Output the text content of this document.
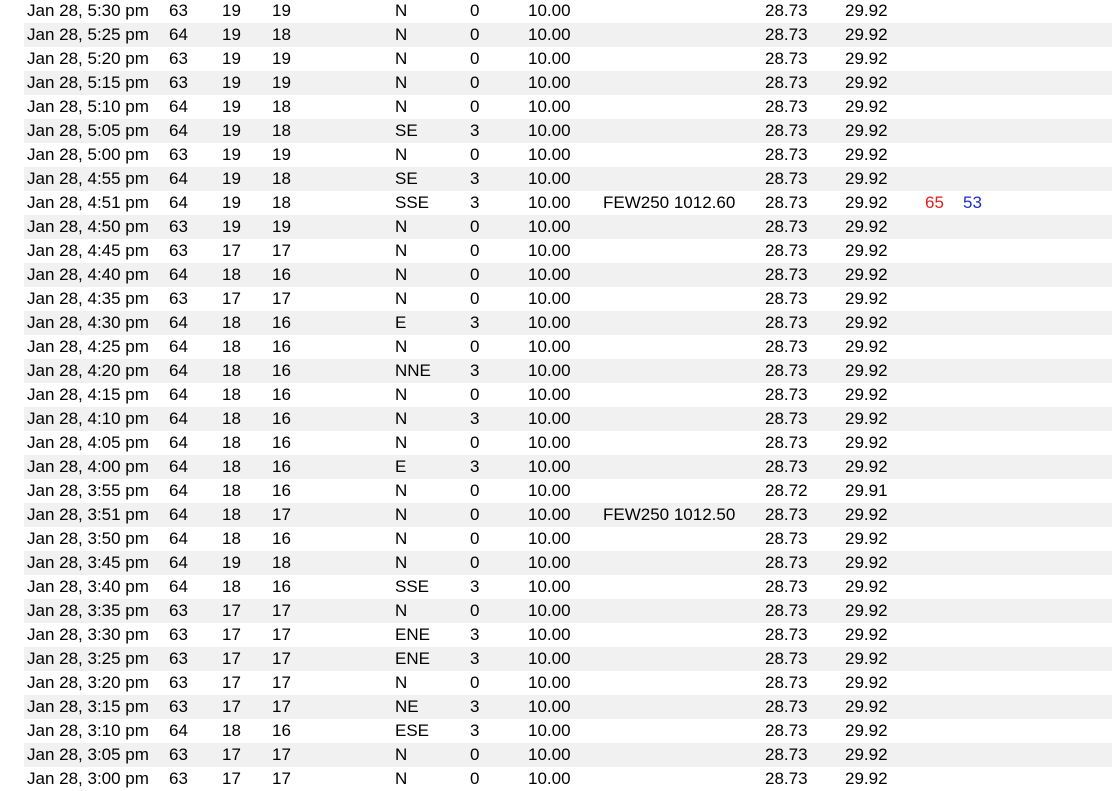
Jan 28, 5:30 pm	63	19	19	N	0	10.00		28.73	29.92		
Jan 28, 5:25 pm	64	19	18	N	0	10.00		28.73	29.92		
Jan 28, 5:20 pm	63	19	19	N	0	10.00		28.73	29.92		
Jan 28, 5:15 pm	63	19	19	N	0	10.00		28.73	29.92		
Jan 28, 5:10 pm	64	19	18	N	0	10.00		28.73	29.92		
Jan 28, 5:05 pm	64	19	18	SE	3	10.00		28.73	29.92		
Jan 28, 5:00 pm	63	19	19	N	0	10.00		28.73	29.92		
Jan 28, 4:55 pm	64	19	18	SE	3	10.00		28.73	29.92		
Jan 28, 4:51 pm	64	19	18	SSE	3	10.00	FEW250 1012.60	28.73	29.92	65	53
Jan 28, 4:50 pm	63	19	19	N	0	10.00		28.73	29.92		
Jan 28, 4:45 pm	63	17	17	N	0	10.00		28.73	29.92		
Jan 28, 4:40 pm	64	18	16	N	0	10.00		28.73	29.92		
Jan 28, 4:35 pm	63	17	17	N	0	10.00		28.73	29.92		
Jan 28, 4:30 pm	64	18	16	E	3	10.00		28.73	29.92		
Jan 28, 4:25 pm	64	18	16	N	0	10.00		28.73	29.92		
Jan 28, 4:20 pm	64	18	16	NNE	3	10.00		28.73	29.92		
Jan 28, 4:15 pm	64	18	16	N	0	10.00		28.73	29.92		
Jan 28, 4:10 pm	64	18	16	N	3	10.00		28.73	29.92		
Jan 28, 4:05 pm	64	18	16	N	0	10.00		28.73	29.92		
Jan 28, 4:00 pm	64	18	16	E	3	10.00		28.73	29.92		
Jan 28, 3:55 pm	64	18	16	N	0	10.00		28.72	29.91		
Jan 28, 3:51 pm	64	18	17	N	0	10.00	FEW250 1012.50	28.73	29.92		
Jan 28, 3:50 pm	64	18	16	N	0	10.00		28.73	29.92		
Jan 28, 3:45 pm	64	19	18	N	0	10.00		28.73	29.92		
Jan 28, 3:40 pm	64	18	16	SSE	3	10.00		28.73	29.92		
Jan 28, 3:35 pm	63	17	17	N	0	10.00		28.73	29.92		
Jan 28, 3:30 pm	63	17	17	ENE	3	10.00		28.73	29.92		
Jan 28, 3:25 pm	63	17	17	ENE	3	10.00		28.73	29.92		
Jan 28, 3:20 pm	63	17	17	N	0	10.00		28.73	29.92		
Jan 28, 3:15 pm	63	17	17	NE	3	10.00		28.73	29.92		
Jan 28, 3:10 pm	64	18	16	ESE	3	10.00		28.73	29.92		
Jan 28, 3:05 pm	63	17	17	N	0	10.00		28.73	29.92		
Jan 28, 3:00 pm	63	17	17	N	0	10.00		28.73	29.92		
